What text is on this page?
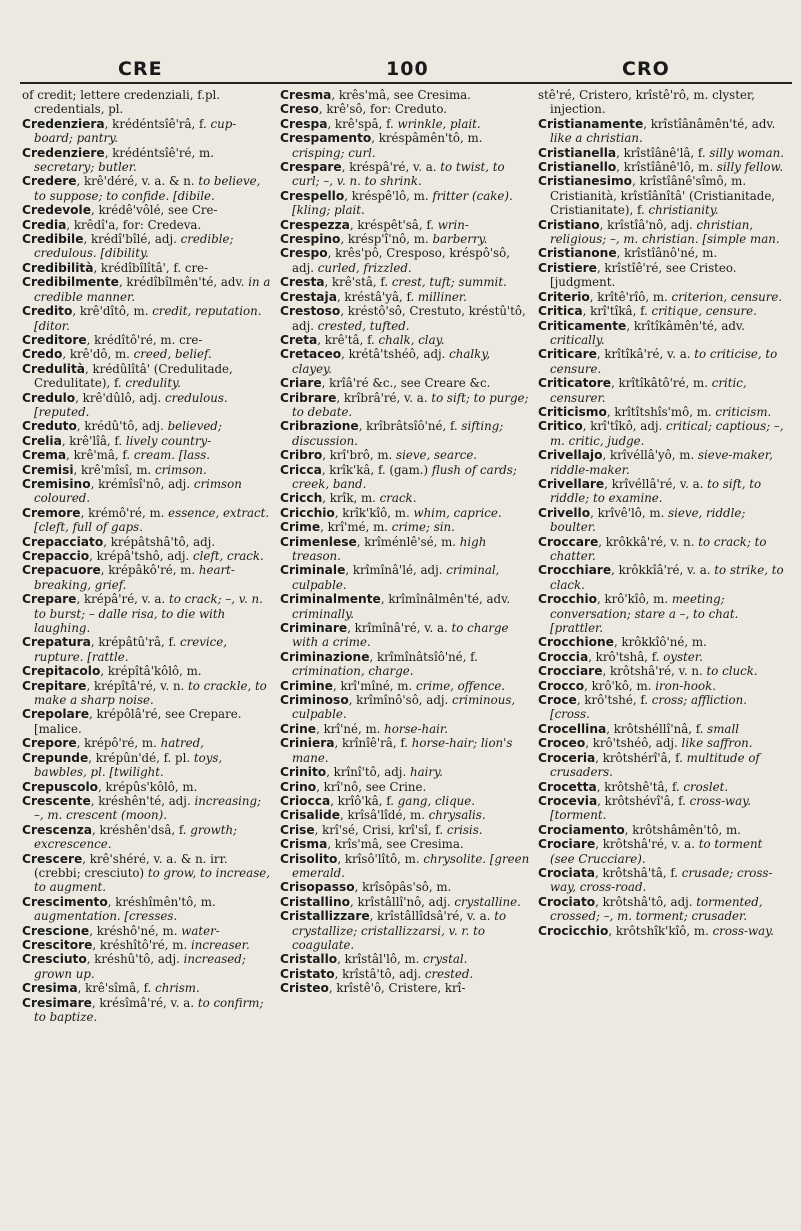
CRE	100	CRO

of credit; lettere credenziali, f.pl. credentials, pl.

Credenziera, krédéntsîê'râ, f. cup-board; pantry.

Credenziere, krédéntsîê'ré, m. secretary; butler.

Credere, krê'déré, v. a. & n. to believe, to suppose; to confide. [dibile.

Credevole, krédê'vôlé, see Cre-

Credia, krêdî'a, for: Credeva.

Credibile, krédî'bîlé, adj. credible; credulous. [dibility.

Credibilità, krédîbîlîtâ', f. cre-

Credibilmente, krédîbîlmên'té, adv. in a credible manner.

Credito, krê'dîtô, m. credit, reputation. [ditor.

Creditore, krédîtô'ré, m. cre-

Credo, krê'dô, m. creed, belief.

Credulità, krédûlîtâ' (Credulitade, Credulitate), f. credulity.

Credulo, krê'dûlô, adj. credulous. [reputed.

Creduto, krédû'tô, adj. believed;

Crelia, krê'lîâ, f. lively country-

Crema, krê'mâ, f. cream. [lass.

Cremisi, krê'mîsî, m. crimson.

Cremisino, krémîsî'nô, adj. crimson coloured.

Cremore, krémô'ré, m. essence, extract. [cleft, full of gaps.

Crepacciato, krépâtshâ'tô, adj.

Crepaccio, krépâ'tshô, adj. cleft, crack.

Crepacuore, krépâkô'ré, m. heart-breaking, grief.

Crepare, krépâ'ré, v. a. to crack; –, v. n. to burst; – dalle risa, to die with laughing.

Crepatura, krépâtû'râ, f. crevice, rupture. [rattle.

Crepitacolo, krépîtâ'kôlô, m.

Crepitare, krépîtâ'ré, v. n. to crackle, to make a sharp noise.

Crepolare, krépôlâ'ré, see Crepare. [malice.

Crepore, krépô'ré, m. hatred,

Crepunde, krépûn'dé, f. pl. toys, bawbles, pl. [twilight.

Crepuscolo, krépûs'kôlô, m.

Crescente, kréshên'té, adj. increasing; –, m. crescent (moon).

Crescenza, kréshên'dsâ, f. growth; excrescence.

Crescere, krê'shéré, v. a. & n. irr. (crebbi; cresciuto) to grow, to increase, to augment.

Crescimento, kréshîmên'tô, m. augmentation. [cresses.

Crescione, kréshô'né, m. water-

Crescitore, kréshîtô'ré, m. increaser.

Cresciuto, kréshû'tô, adj. increased; grown up.

Cresima, krê'sîmâ, f. chrism.

Cresimare, krésîmâ'ré, v. a. to confirm; to baptize.

Cresma, krês'mâ, see Cresima.

Creso, krê'sô, for: Creduto.

Crespa, krê'spâ, f. wrinkle, plait.

Crespamento, kréspâmên'tô, m. crisping; curl.

Crespare, kréspâ'ré, v. a. to twist, to curl; –, v. n. to shrink.

Crespello, kréspê'lô, m. fritter (cake). [kling; plait.

Crespezza, kréspêt'sâ, f. wrin-

Crespino, krésp'î'nô, m. barberry.

Crespo, krês'pô, Cresposo, kréspô'sô, adj. curled, frizzled.

Cresta, krê'stâ, f. crest, tuft; summit.

Crestaja, kréstâ'yâ, f. milliner.

Crestoso, kréstô'sô, Crestuto, kréstû'tô, adj. crested, tufted.

Creta, krê'tâ, f. chalk, clay.

Cretaceo, krétâ'tshéô, adj. chalky, clayey.

Criare, krîâ'ré &c., see Creare &c.

Cribrare, krîbrâ'ré, v. a. to sift; to purge; to debate.

Cribrazione, krîbrâtsîô'né, f. sifting; discussion.

Cribro, krî'brô, m. sieve, searce.

Cricca, krîk'kâ, f. (gam.) flush of cards; creek, band.

Cricch, krîk, m. crack.

Cricchio, krîk'kîô, m. whim, caprice.

Crime, krî'mé, m. crime; sin.

Crimenlese, krîménlê'sé, m. high treason.

Criminale, krîmînâ'lé, adj. criminal, culpable.

Criminalmente, krîmînâlmên'té, adv. criminally.

Criminare, krîmînâ'ré, v. a. to charge with a crime.

Criminazione, krîmînâtsîô'né, f. crimination, charge.

Crimine, krî'mîné, m. crime, offence.

Criminoso, krîmînô'sô, adj. criminous, culpable.

Crine, krî'né, m. horse-hair.

Criniera, krînîê'râ, f. horse-hair; lion's mane.

Crinito, krînî'tô, adj. hairy.

Crino, krî'nô, see Crine.

Criocca, krîô'kâ, f. gang, clique.

Crisalide, krîsâ'lîdé, m. chrysalis.

Crise, krî'sé, Crisi, krî'sî, f. crisis.

Crisma, krîs'mâ, see Cresima.

Crisolito, krîsô'lîtô, m. chrysolite. [green emerald.

Crisopasso, krîsôpâs'sô, m.

Cristallino, krîstâllî'nô, adj. crystalline.

Cristallizzare, krîstâllîdsâ'ré, v. a. to crystallize; cristallizzarsi, v. r. to coagulate.

Cristallo, krîstâl'lô, m. crystal.

Cristato, krîstâ'tô, adj. crested.

Cristeo, krîstê'ô, Cristere, krî-

stê'ré, Cristero, krîstê'rô, m. clyster, injection.

Cristianamente, krîstîânâmên'té, adv. like a christian.

Cristianella, krîstîânê'lâ, f. silly woman.

Cristianello, krîstîânê'lô, m. silly fellow.

Cristianesimo, krîstîânê'sîmô, m. Cristianità, krîstîânîtâ' (Cristianitade, Cristianitate), f. christianity.

Cristiano, krîstîâ'nô, adj. christian, religious; –, m. christian. [simple man.

Cristianone, krîstîânô'né, m.

Cristiere, krîstîê'ré, see Cristeo. [judgment.

Criterio, krîtê'rîô, m. criterion, censure.

Critica, krî'tîkâ, f. critique, censure.

Criticamente, krîtîkâmên'té, adv. critically.

Criticare, krîtîkâ'ré, v. a. to criticise, to censure.

Criticatore, krîtîkâtô'ré, m. critic, censurer.

Criticismo, krîtîtshîs'mô, m. criticism.

Critico, krî'tîkô, adj. critical; captious; –, m. critic, judge.

Crivellajo, krîvéllâ'yô, m. sieve-maker, riddle-maker.

Crivellare, krîvéllâ'ré, v. a. to sift, to riddle; to examine.

Crivello, krîvê'lô, m. sieve, riddle; boulter.

Croccare, krôkkâ'ré, v. n. to crack; to chatter.

Crocchiare, krôkkîâ'ré, v. a. to strike, to clack.

Crocchio, krô'kîô, m. meeting; conversation; stare a –, to chat. [prattler.

Crocchione, krôkkîô'né, m.

Croccia, krô'tshâ, f. oyster.

Crocciare, krôtshâ'ré, v. n. to cluck.

Crocco, krô'kô, m. iron-hook.

Croce, krô'tshé, f. cross; affliction. [cross.

Crocellina, krôtshéllî'nâ, f. small

Croceo, krô'tshéô, adj. like saffron.

Croceria, krôtshérî'â, f. multitude of crusaders.

Crocetta, krôtshê'tâ, f. croslet.

Crocevia, krôtshévî'â, f. cross-way. [torment.

Crociamento, krôtshâmên'tô, m.

Crociare, krôtshâ'ré, v. a. to torment (see Crucciare).

Crociata, krôtshâ'tâ, f. crusade; cross-way, cross-road.

Crociato, krôtshâ'tô, adj. tormented, crossed; –, m. torment; crusader.

Crocicchio, krôtshîk'kîô, m. cross-way.
